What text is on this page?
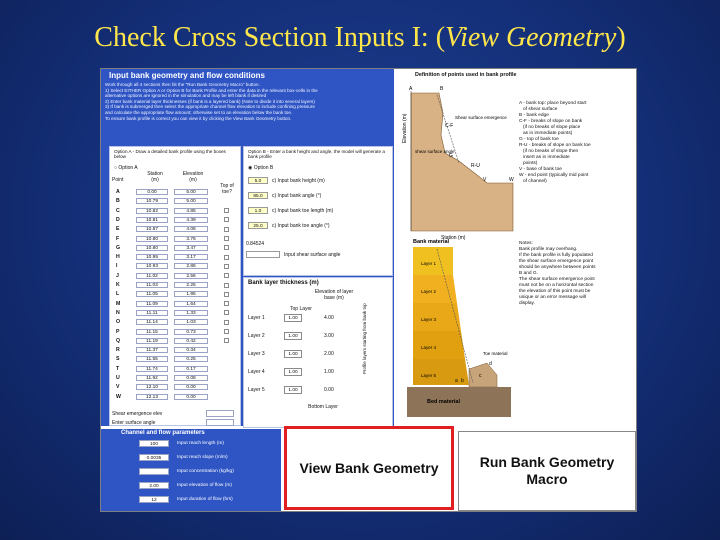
Check Cross Section Inputs I: (View Geometry)
Input bank geometry and flow conditions
Work through all 4 sections then hit the "Run Bank Geometry Macro" button.
1) Select EITHER Option A or Option B for Bank Profile and enter the data in the relevant box-cells in the
alternative options are ignored in the simulation and may be left blank if desired
2) Enter bank material layer thicknesses (if bank is a layered bank) (Note to divide it into several layers)
3) If bank is submerged then select the appropriate channel flow elevation to include confining pressure
and calculate the appropriate flow amount; otherwise set to an elevation below the bank toe.
To ensure bank profile is correct you can view it by clicking the View Bank Geometry button.
Option A - Draw a detailed bank profile using the boxes below
○ Option A
Station
(m)
Elevation
(m)
Point
Top of toe?
Shear emergence elev
Enter surface angle
A	0.00	5.00
B	10.79	5.00
C	10.82	4.85
D	10.81	4.39
E	10.87	4.08
F	10.80	3.76
G	10.80	3.47
H	10.95	3.17
I	10.93	2.86
J	11.02	2.56
K	11.03	2.25
L	11.05	1.95
M	11.09	1.64
N	11.11	1.33
O	11.14	1.03
P	11.15	0.73
Q	11.19	0.42
R	11.37	0.34
S	11.55	0.25
T	11.74	0.17
U	11.92	0.08
V	12.10	0.00
W	12.13	0.00
Option B - Enter a bank height and angle, the model will generate a bank profile
◉ Option B
0.84524
Input shear surface angle
5.0	c) Input bank height (m)
85.0	c) Input bank angle (°)
1.0	c) Input bank toe length (m)
25.0	c) Input bank toe angle (°)
Bank layer thickness (m)
Elevation of layer base (m)
Top Layer
Bottom Layer
Profile layers starting from bank top
Layer 1	1.00	4.00
Layer 2	1.00	3.00
Layer 3	1.00	2.00
Layer 4	1.00	1.00
Layer 5	1.00	0.00
Definition of points used in bank profile
Elevation (m)
Station (m)
Shear surface emergence
shear surface angle
A	B
C-F
G
R-U
V	W
A - bank top: place beyond start
of shear surface
B - bank edge
C-F - breaks of slope on bank
(if no breaks of slope place
as in immediate points)
G - top of bank toe
R-U - breaks of slope on bank toe
(if no breaks of slope then
insert as in immediate
points)
V - base of bank toe
W - end point (typically mid point
of channel)
Bank material
Layer 1
Layer 2
Layer 3
Layer 4
Layer 5
Toe material
Bed material
a b
c
d
Notes:
Bank profile may overhang.
If the bank profile is fully populated
the shear surface emergence point
should be anywhere between points
B and G.
The shear surface emergence point
must not be on a horizontal section
the elevation of this point must be
unique or an error message will
display.
Channel and flow parameters
100	Input reach length (m)
0.0035	Input reach slope (m/m)
Input concentration (kg/kg)
2.00	Input elevation of flow (m)
12	Input duration of flow (hrs)
View Bank Geometry	Run Bank Geometry Macro
